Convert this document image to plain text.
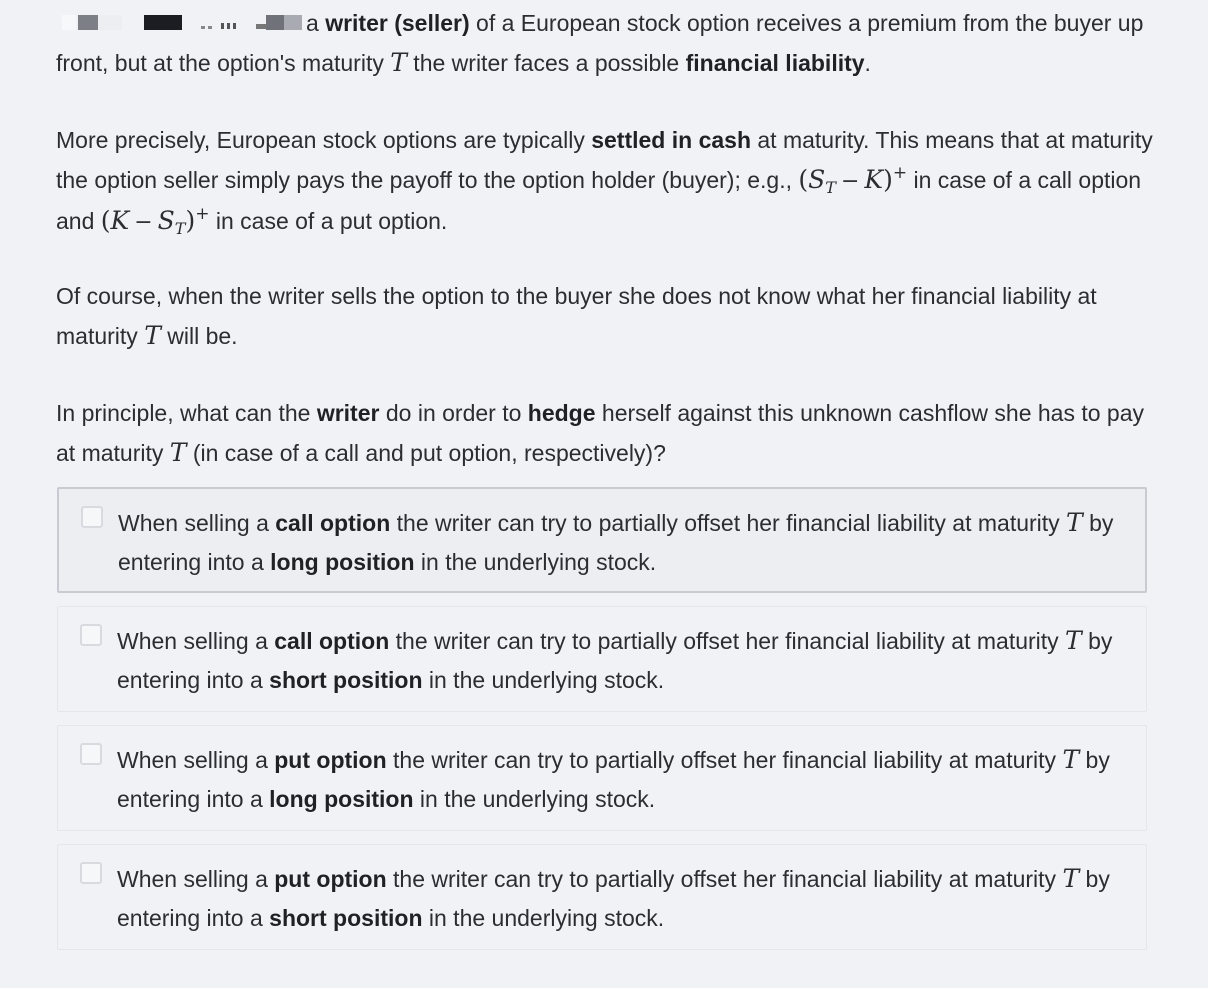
a writer (seller) of a European stock option receives a premium from the buyer up front, but at the option's maturity T the writer faces a possible financial liability.

More precisely, European stock options are typically settled in cash at maturity. This means that at maturity the option seller simply pays the payoff to the option holder (buyer); e.g., $(S_T - K)^+$ in case of a call option and $(K - S_T)^+$ in case of a put option.

Of course, when the writer sells the option to the buyer she does not know what her financial liability at maturity T will be.

In principle, what can the writer do in order to hedge herself against this unknown cashflow she has to pay at maturity T (in case of a call and put option, respectively)?

When selling a call option the writer can try to partially offset her financial liability at maturity T by entering into a long position in the underlying stock.
When selling a call option the writer can try to partially offset her financial liability at maturity T by entering into a short position in the underlying stock.
When selling a put option the writer can try to partially offset her financial liability at maturity T by entering into a long position in the underlying stock.
When selling a put option the writer can try to partially offset her financial liability at maturity T by entering into a short position in the underlying stock.
